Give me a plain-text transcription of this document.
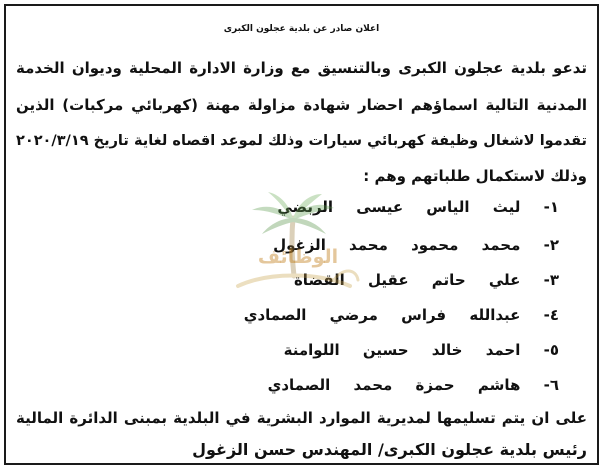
اعلان صادر عن بلدية عجلون الكبرى
تدعو بلدية عجلون الكبرى وبالتنسيق مع وزارة الادارة المحلية وديوان الخدمة
المدنية التالية اسماؤهم احضار شهادة مزاولة مهنة (كهربائي مركبات) الذين
تقدموا لاشغال وظيفة كهربائي سيارات وذلك لموعد اقصاه لغاية تاريخ ٢٠٢٠/٣/١٩
وذلك لاستكمال طلباتهم وهم :
١- ليث الياس عيسى الربضي
٢- محمد محمود محمد الزغول
٣- علي حاتم عقيل القضاة
٤- عبدالله فراس مرضي الصمادي
٥- احمد خالد حسين اللوامنة
٦- هاشم حمزة محمد الصمادي
على ان يتم تسليمها لمديرية الموارد البشرية في البلدية بمبنى الدائرة المالية
رئيس بلدية عجلون الكبرى/ المهندس حسن الزغول
الوظائف
